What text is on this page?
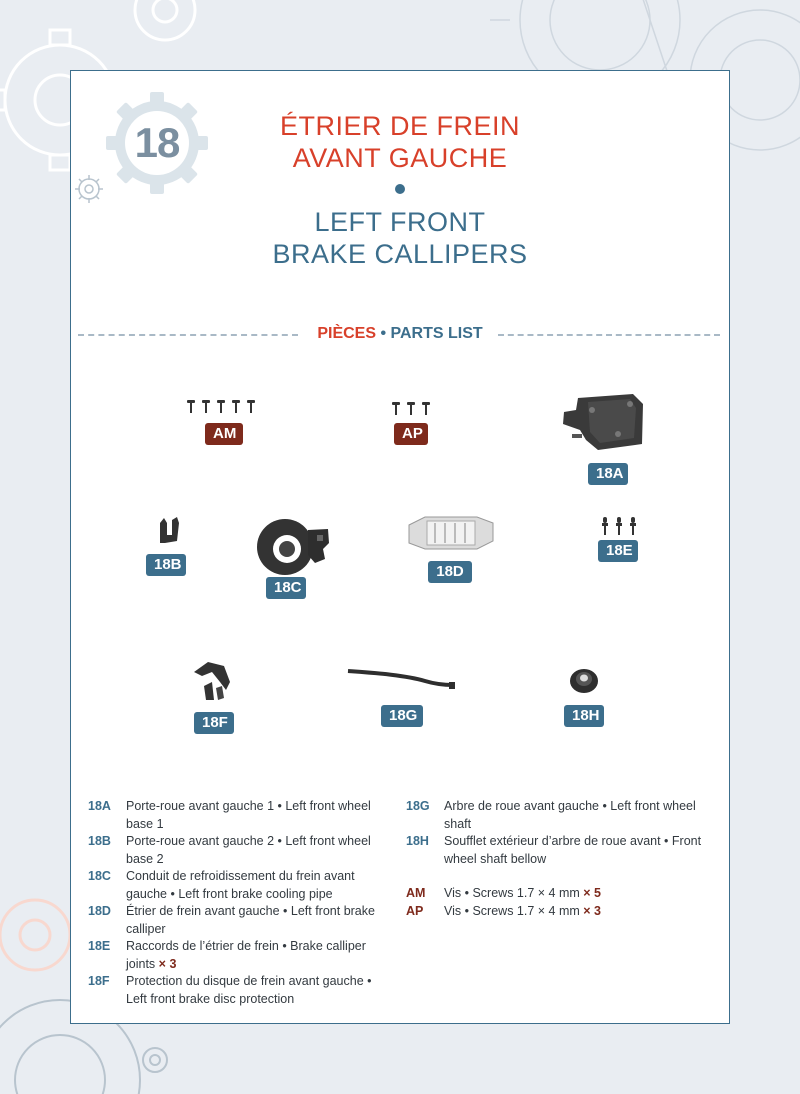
18	ÉTRIER DE FREIN
AVANT GAUCHE
LEFT FRONT
BRAKE CALLIPERS
PIÈCES • PARTS LIST
AM	AP
18A
18B
18C
18D
18E
18F	18G	18H
18A	Porte-roue avant gauche 1 • Left front wheel base 1
18B	Porte-roue avant gauche 2 • Left front wheel base 2
18C	Conduit de refroidissement du frein avant gauche • Left front brake cooling pipe
18D	Étrier de frein avant gauche • Left front brake calliper
18E	Raccords de l’étrier de frein • Brake calliper joints × 3
18F	Protection du disque de frein avant gauche • Left front brake disc protection
18G	Arbre de roue avant gauche • Left front wheel shaft
18H	Soufflet extérieur d’arbre de roue avant • Front wheel shaft bellow
AM	Vis • Screws 1.7 × 4 mm × 5
AP	Vis • Screws 1.7 × 4 mm × 3
